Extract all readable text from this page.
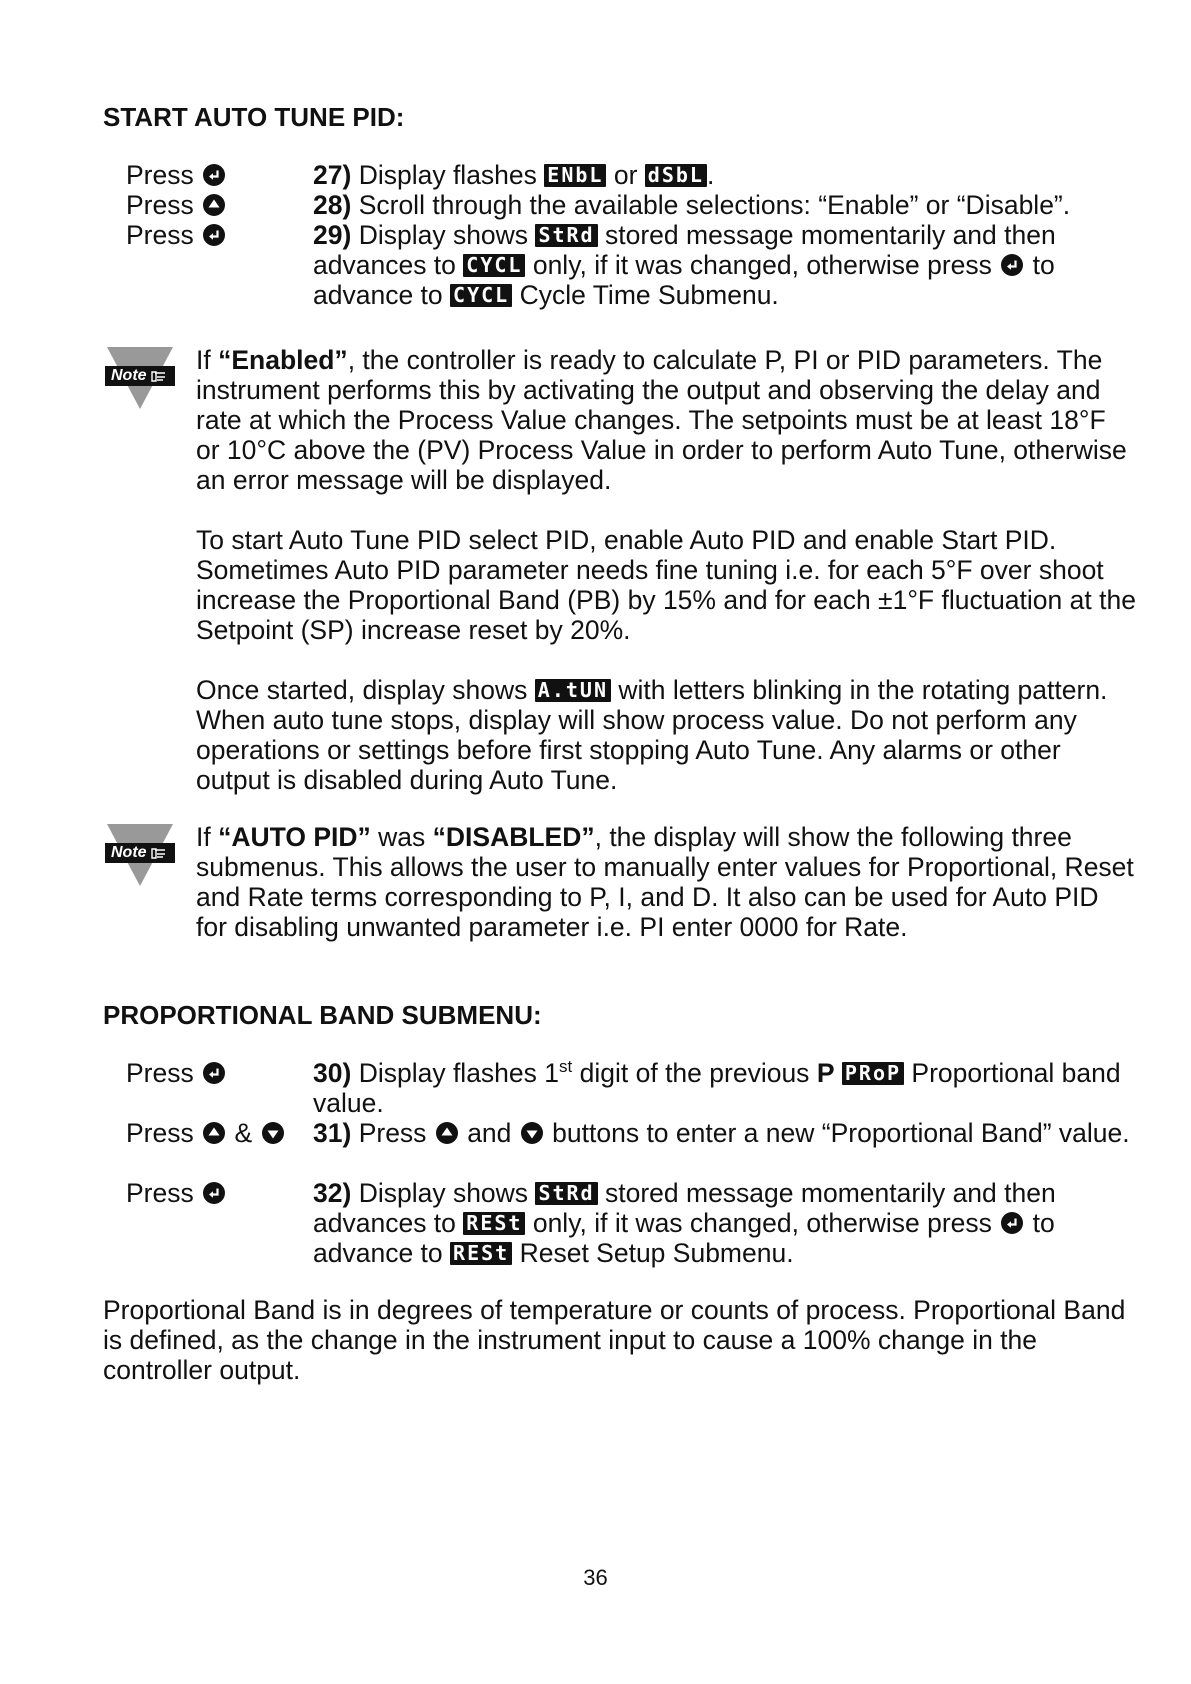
START AUTO TUNE PID:
Press	27) Display flashes ENbL or dSbL .
Press	28) Scroll through the available selections: “Enable” or “Disable”.
Press	29) Display shows StRd stored message momentarily and then advances to CYCL only, if it was changed, otherwise press to advance to CYCL Cycle Time Submenu.
Note
If “Enabled”, the controller is ready to calculate P, PI or PID parameters. The instrument performs this by activating the output and observing the delay and rate at which the Process Value changes. The setpoints must be at least 18°F or 10°C above the (PV) Process Value in order to perform Auto Tune, otherwise an error message will be displayed.
To start Auto Tune PID select PID, enable Auto PID and enable Start PID. Sometimes Auto PID parameter needs fine tuning i.e. for each 5°F over shoot increase the Proportional Band (PB) by 15% and for each ±1°F fluctuation at the Setpoint (SP) increase reset by 20%.
Once started, display shows A.tUN with letters blinking in the rotating pattern. When auto tune stops, display will show process value. Do not perform any operations or settings before first stopping Auto Tune. Any alarms or other output is disabled during Auto Tune.
Note
If “AUTO PID” was “DISABLED”, the display will show the following three submenus. This allows the user to manually enter values for Proportional, Reset and Rate terms corresponding to P, I, and D. It also can be used for Auto PID for disabling unwanted parameter i.e. PI enter 0000 for Rate.
PROPORTIONAL BAND SUBMENU:
Press	30) Display flashes 1st digit of the previous P PRoP Proportional band value.
Press &	31) Press and buttons to enter a new “Proportional Band” value.
Press	32) Display shows StRd stored message momentarily and then advances to RESt only, if it was changed, otherwise press to advance to RESt Reset Setup Submenu.
Proportional Band is in degrees of temperature or counts of process. Proportional Band is defined, as the change in the instrument input to cause a 100% change in the controller output.
36
